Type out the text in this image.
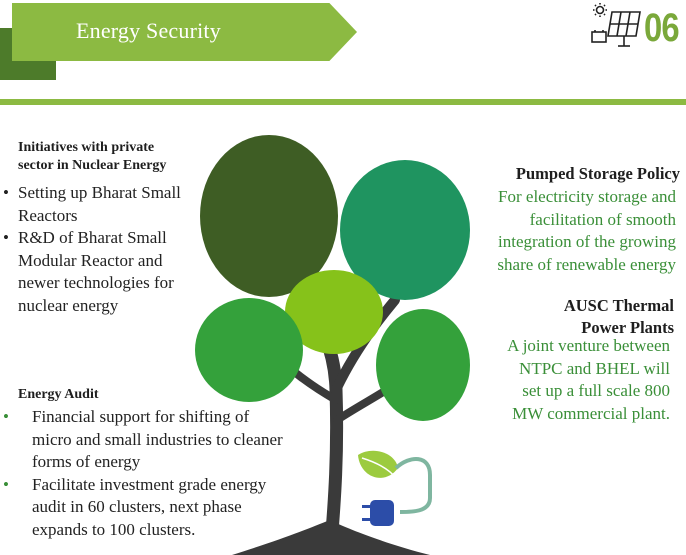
Energy Security	06
Initiatives with private
sector in Nuclear Energy
• Setting up Bharat Small
Reactors
• R&D of Bharat Small
Modular Reactor and
newer technologies for
nuclear energy
Energy Audit
• Financial support for shifting of
micro and small industries to cleaner
forms of energy
• Facilitate investment grade energy
audit in 60 clusters, next phase
expands to 100 clusters.
Pumped Storage Policy
For electricity storage and
facilitation of smooth
integration of the growing
share of renewable energy
AUSC Thermal
Power Plants
A joint venture between
NTPC and BHEL will
set up a full scale 800
MW commercial plant.
